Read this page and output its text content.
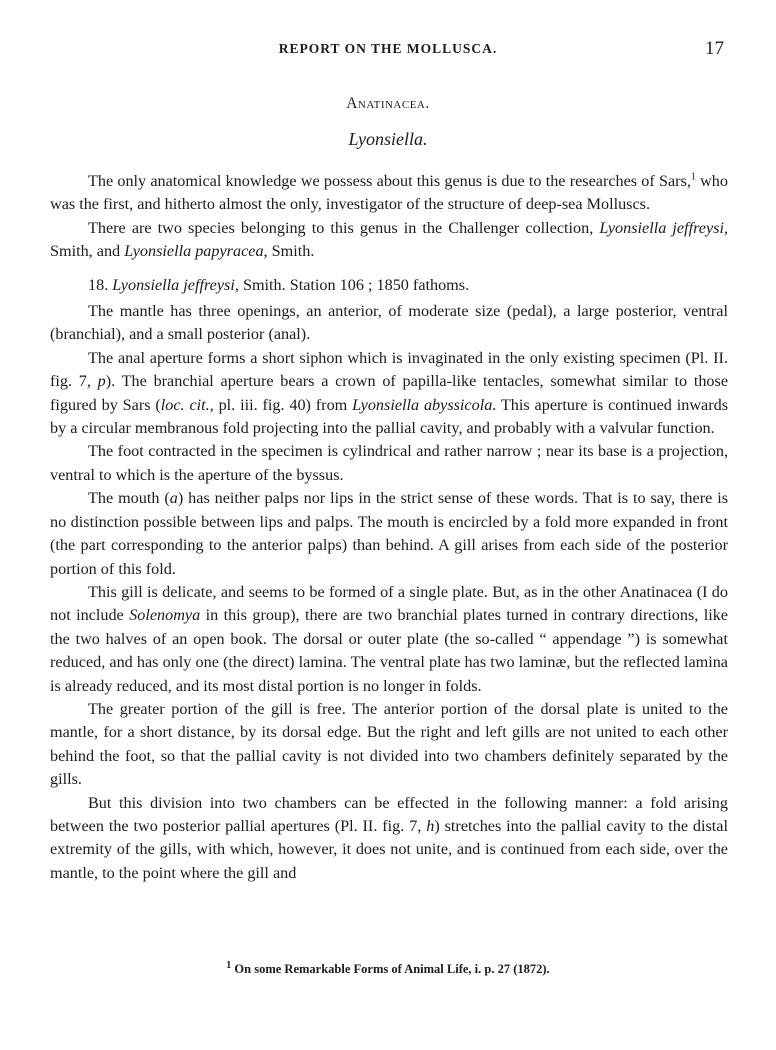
REPORT ON THE MOLLUSCA.	17
Anatinacea.
Lyonsiella.

The only anatomical knowledge we possess about this genus is due to the researches of Sars,$^1$ who was the first, and hitherto almost the only, investigator of the structure of deep-sea Molluscs.

There are two species belonging to this genus in the Challenger collection, Lyonsiella jeffreysi, Smith, and Lyonsiella papyracea, Smith.

18. Lyonsiella jeffreysi, Smith. Station 106 ; 1850 fathoms.

The mantle has three openings, an anterior, of moderate size (pedal), a large posterior, ventral (branchial), and a small posterior (anal).

The anal aperture forms a short siphon which is invaginated in the only existing specimen (Pl. II. fig. 7, p). The branchial aperture bears a crown of papilla-like tentacles, somewhat similar to those figured by Sars (loc. cit., pl. iii. fig. 40) from Lyonsiella abyssicola. This aperture is continued inwards by a circular membranous fold projecting into the pallial cavity, and probably with a valvular function.

The foot contracted in the specimen is cylindrical and rather narrow ; near its base is a projection, ventral to which is the aperture of the byssus.

The mouth (a) has neither palps nor lips in the strict sense of these words. That is to say, there is no distinction possible between lips and palps. The mouth is encircled by a fold more expanded in front (the part corresponding to the anterior palps) than behind. A gill arises from each side of the posterior portion of this fold.

This gill is delicate, and seems to be formed of a single plate. But, as in the other Anatinacea (I do not include Solenomya in this group), there are two branchial plates turned in contrary directions, like the two halves of an open book. The dorsal or outer plate (the so-called “ appendage ”) is somewhat reduced, and has only one (the direct) lamina. The ventral plate has two laminæ, but the reflected lamina is already reduced, and its most distal portion is no longer in folds.

The greater portion of the gill is free. The anterior portion of the dorsal plate is united to the mantle, for a short distance, by its dorsal edge. But the right and left gills are not united to each other behind the foot, so that the pallial cavity is not divided into two chambers definitely separated by the gills.

But this division into two chambers can be effected in the following manner: a fold arising between the two posterior pallial apertures (Pl. II. fig. 7, h) stretches into the pallial cavity to the distal extremity of the gills, with which, however, it does not unite, and is continued from each side, over the mantle, to the point where the gill and

$^1$ On some Remarkable Forms of Animal Life, i. p. 27 (1872).
